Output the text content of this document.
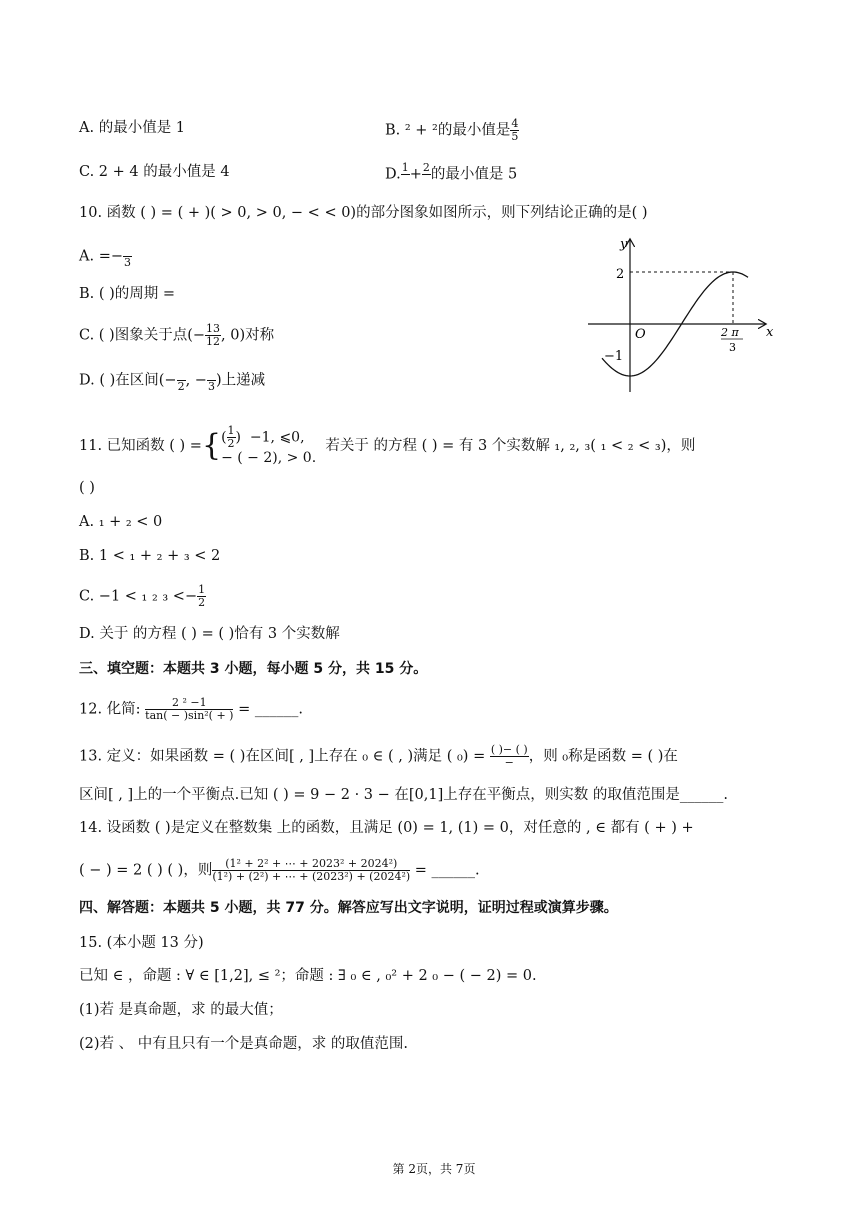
A. 的最小值是 1	B. ² + ²的最小值是 $\frac{4}{5}$
C. 2 + 4 的最小值是 4	D. 1
+ 2
的最小值是 5
10. 函数 ( ) = ( + )( > 0, > 0, − < < 0)的部分图象如图所示，则下列结论正确的是( )
A. =−
3
B. ( )的周期 =
C. ( )图象关于点(− $\frac{13}{12}$ , 0)对称
D. ( )在区间(−
2 , −
3 )上递减
y
x
O
2
−1
2 π
3
11. 已知函数 ( ) ={ ( $\frac{1}{2}$ )  −1, ⩽0,
− ( − 2), > 0.
若关于 的方程 ( ) = 有 3 个实数解 ₁, ₂, ₃( ₁ < ₂ < ₃)，则
( )
A. ₁ + ₂ < 0
B. 1 < ₁ + ₂ + ₃ < 2
C. −1 < ₁ ₂ $_3 <- \frac{1}{2}$
D. 关于 的方程 ( ) = ( )恰有 3 个实数解
三、填空题：本题共 3 小题，每小题 5 分，共 15 分。
12. 化简: $\frac{\text{2 ² −1}}{\text{tan( − )sin²( + )}}$ = ______.
13. 定义：如果函数 = ( )在区间[ , ]上存在 ₀ ∈ ( , )满足 ( $_0) = \frac{( )- ( )}{-}$ ，则 ₀称是函数 = ( )在
区间[ , ]上的一个平衡点.已知 ( ) = 9 − 2 · 3 − 在[0,1]上存在平衡点，则实数 的取值范围是______.
14. 设函数 ( )是定义在整数集 上的函数，且满足 (0) = 1, (1) = 0，对任意的 , ∈ 都有 ( + ) +
( − ) = 2 ( ) ( )，则 $\frac{\text{(1² + 2² + ⋯ + 2023² + 2024²)}}{\text{(1²) + (2²) + ⋯ + (2023²) + (2024²)}}$ = ______.
四、解答题：本题共 5 小题，共 77 分。解答应写出文字说明，证明过程或演算步骤。
15. (本小题 13 分)
已知 ∈ ，命题 : ∀ ∈ [1,2], ≤ ²；命题 : ∃ ₀ ∈ , ₀² + 2 ₀ − ( − 2) = 0.
(1)若 是真命题，求 的最大值；
(2)若 、 中有且只有一个是真命题，求 的取值范围.
第 2页，共 7页
